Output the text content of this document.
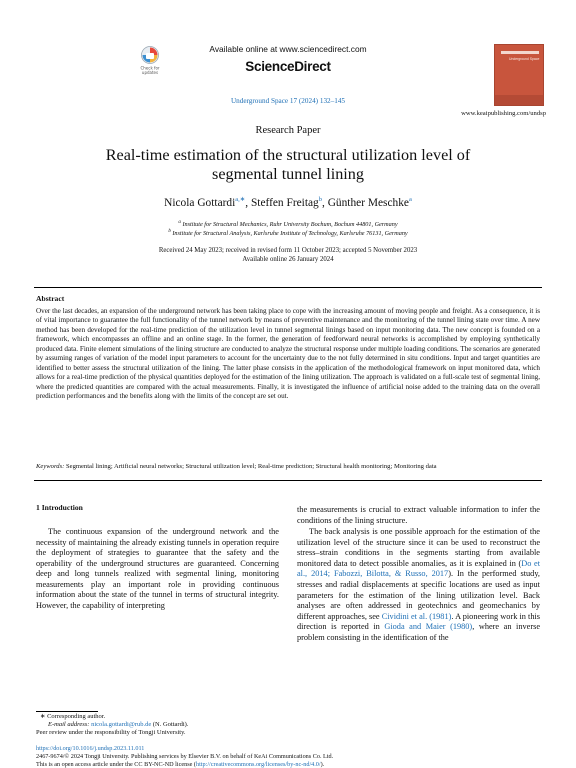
Check for
updates
Available online at www.sciencedirect.com
ScienceDirect
Underground Space 17 (2024) 132–145
Underground Space
www.keaipublishing.com/undsp
Research Paper
Real-time estimation of the structural utilization level of
segmental tunnel lining
Nicola Gottardi$^{a,∗}$, Steffen Freitag$^b$, Günther Meschke$^a$
$^a$ Institute for Structural Mechanics, Ruhr University Bochum, Bochum 44801, Germany
$^b$ Institute for Structural Analysis, Karlsruhe Institute of Technology, Karlsruhe 76131, Germany
Received 24 May 2023; received in revised form 11 October 2023; accepted 5 November 2023
Available online 26 January 2024
Abstract
Over the last decades, an expansion of the underground network has been taking place to cope with the increasing amount of moving people and freight. As a consequence, it is of vital importance to guarantee the full functionality of the tunnel network by means of preventive maintenance and the monitoring of the tunnel lining state over time. A new method has been developed for the real-time prediction of the utilization level in tunnel segmental linings based on input monitoring data. The new concept is founded on a framework, which encompasses an offline and an online stage. In the former, the generation of feedforward neural networks is accomplished by employing synthetically produced data. Finite element simulations of the lining structure are conducted to analyze the structural response under multiple loading conditions. The scenarios are generated by assuming ranges of variation of the model input parameters to account for the uncertainty due to the not fully determined in situ conditions. Input and target quantities are identified to better assess the structural utilization of the lining. The latter phase consists in the application of the methodological framework on input monitored data, which allows for a real-time prediction of the physical quantities deployed for the estimation of the lining utilization. The approach is validated on a full-scale test of segmental lining, where the predicted quantities are compared with the actual measurements. Finally, it is investigated the influence of artificial noise added to the training data on the overall prediction performances and the benefits along with the limits of the concept are set out.
Keywords: Segmental lining; Artificial neural networks; Structural utilization level; Real-time prediction; Structural health monitoring; Monitoring data
1 Introduction
The continuous expansion of the underground network and the necessity of maintaining the already existing tunnels in operation require the deployment of strategies to guarantee that the safety and the operability of the underground structures are guaranteed. Concerning deep and long tunnels realized with segmental lining, monitoring measurements play an important role in providing continuous information about the state of the tunnel in terms of structural integrity. However, the capability of interpreting

the measurements is crucial to extract valuable information to infer the conditions of the lining structure.

The back analysis is one possible approach for the estimation of the utilization level of the structure since it can be used to reconstruct the stress–strain conditions in the segments starting from available monitored data to detect possible anomalies, as it is explained in (Do et al., 2014; Fabozzi, Bilotta, & Russo, 2017). In the performed study, stresses and radial displacements at specific locations are used as input parameters for the estimation of the lining utilization level. Back analyses are often addressed in geotechnics and geomechanics by different approaches, see Cividini et al. (1981). A pioneering work in this direction is reported in Gioda and Maier (1980), where an inverse problem consisting in the identification of the

∗ Corresponding author.
E-mail address: nicola.gottardi@rub.de (N. Gottardi).
Peer review under the responsibility of Tongji University.
https://doi.org/10.1016/j.undsp.2023.11.011
2467-9674/© 2024 Tongji University. Publishing services by Elsevier B.V. on behalf of KeAi Communications Co. Ltd.
This is an open access article under the CC BY-NC-ND license (http://creativecommons.org/licenses/by-nc-nd/4.0/).
